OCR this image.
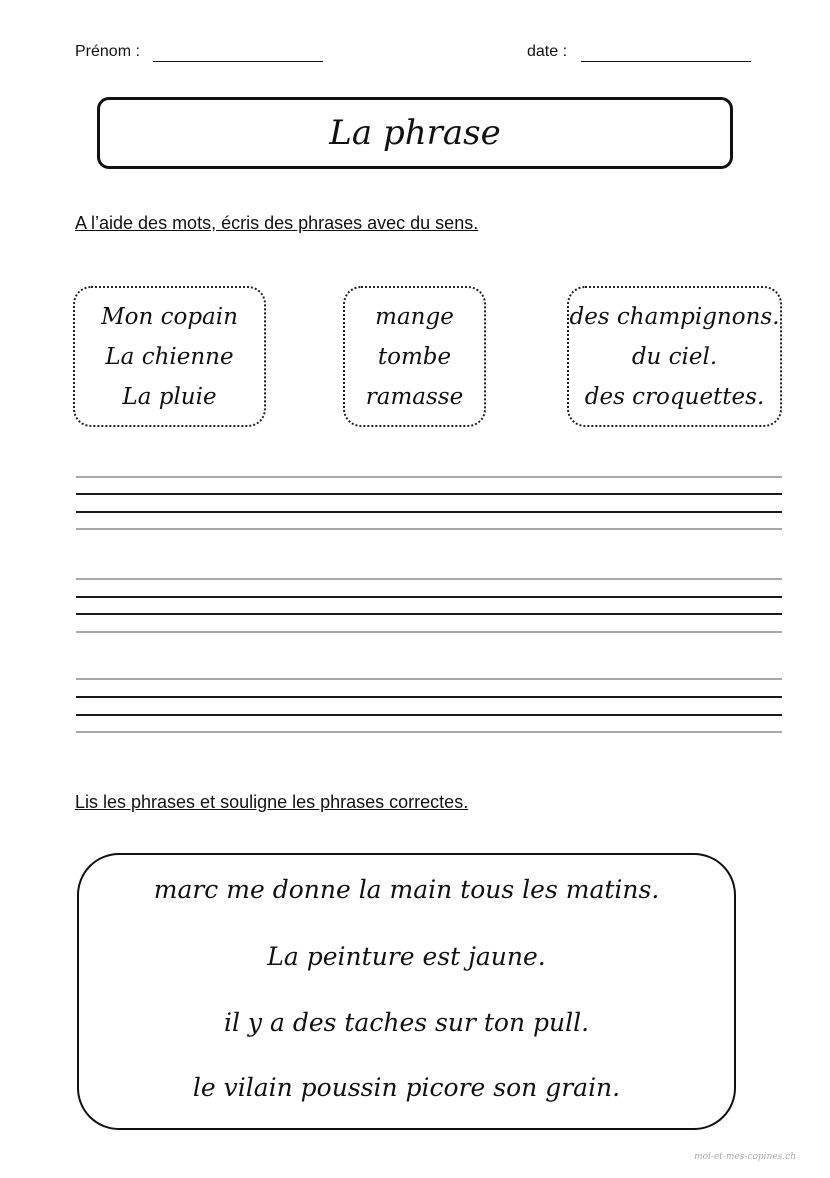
Prénom :	date :
La phrase
A l’aide des mots, écris des phrases avec du sens.
Mon copain
La chienne
La pluie
mange
tombe
ramasse
des champignons.
du ciel.
des croquettes.
Lis les phrases et souligne les phrases correctes.
marc me donne la main tous les matins.
La peinture est jaune.
il y a des taches sur ton pull.
le vilain poussin picore son grain.
moi-et-mes-copines.ch
